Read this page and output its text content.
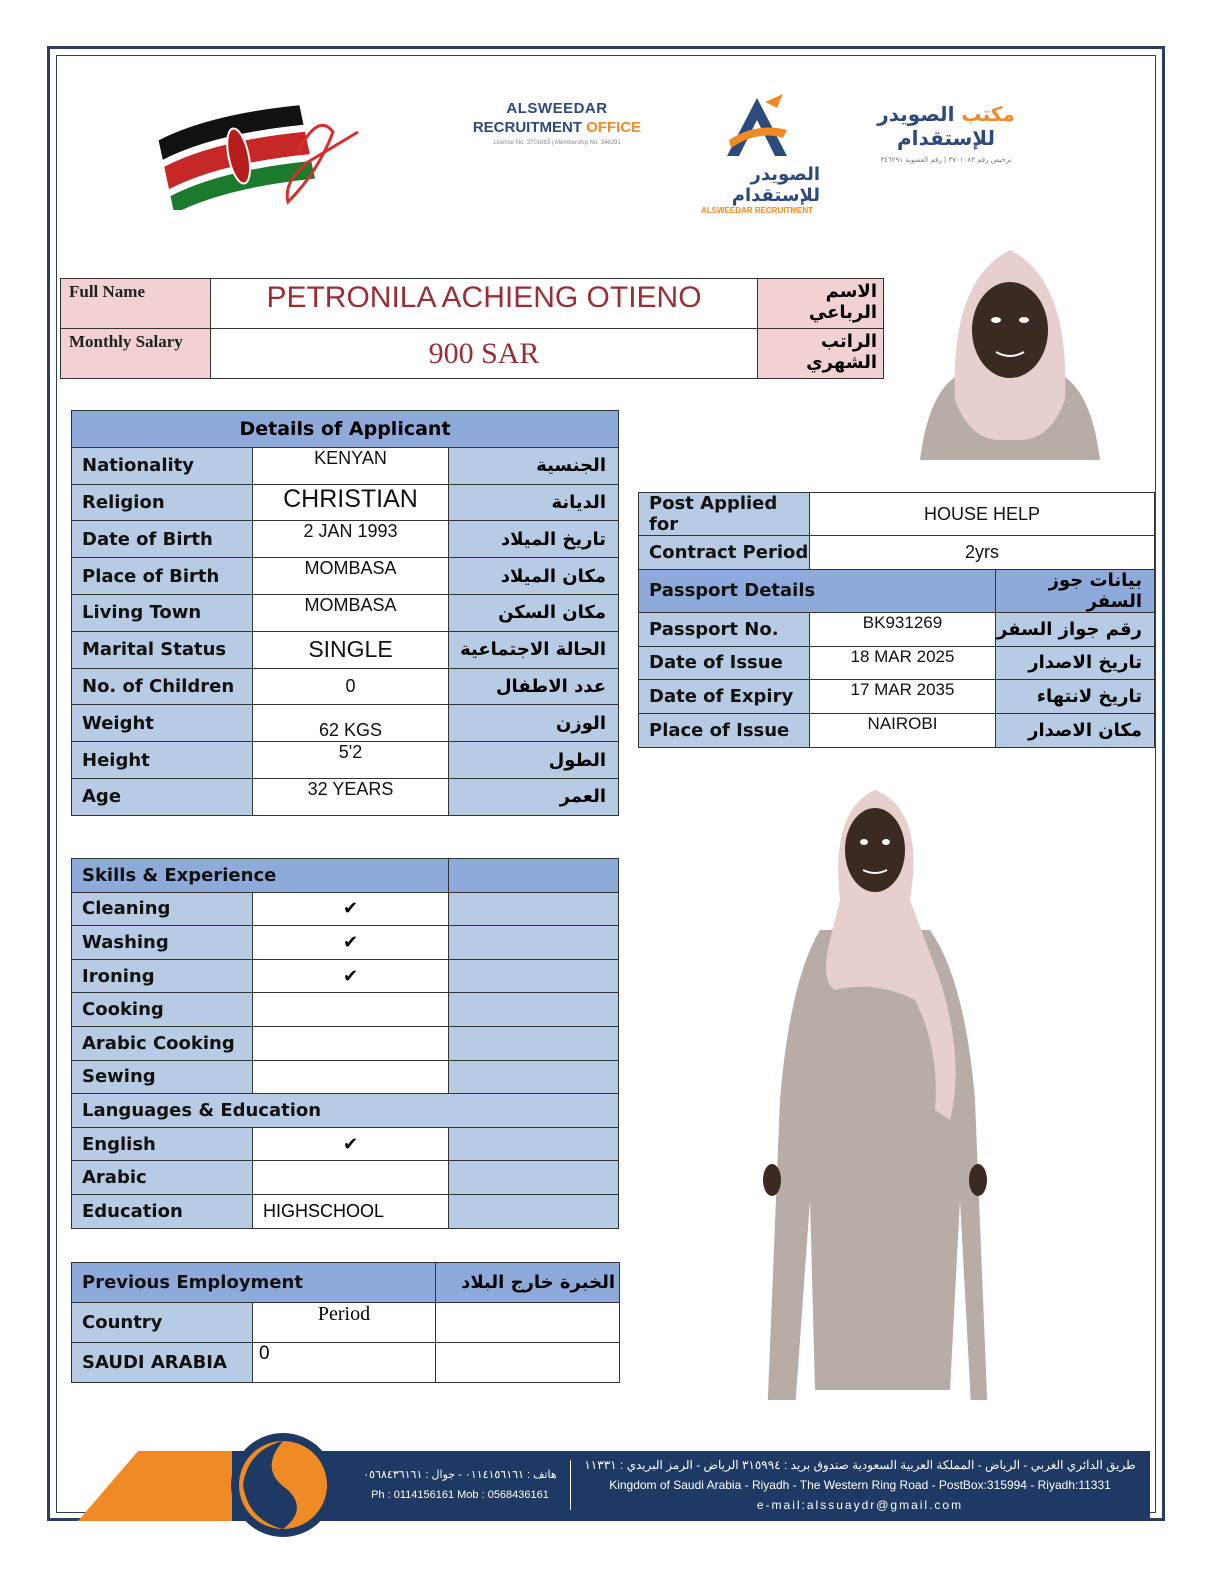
ALSWEEDAR
RECRUITMENT OFFICE
License No. 3701083 | Membership No. 346291
الصويدر للإستقدام
ALSWEEDAR RECRUITMENT
مكتب الصويدر للإستقدام
ترخيص رقم ٣٧٠١٠٨٣ | رقم العضوية ٣٤٦٢٩١
Full Name	PETRONILA ACHIENG OTIENO	الاسم الرباعي
Monthly Salary	900 SAR	الراتب الشهري
Details of Applicant		
Nationality	KENYAN	الجنسية
Religion	CHRISTIAN	الديانة
Date of Birth	2 JAN 1993	تاريخ الميلاد
Place of Birth	MOMBASA	مكان الميلاد
Living Town	MOMBASA	مكان السكن
Marital Status	SINGLE	الحالة الاجتماعية
No. of Children	0	عدد الاطفال
Weight	62 KGS	الوزن
Height	5'2	الطول
Age	32 YEARS	العمر
Post Applied for	HOUSE HELP	
Contract Period	2yrs	
Passport Details		بيانات جوز السفر
Passport No.	BK931269	رقم جواز السفر
Date of Issue	18 MAR 2025	تاريخ الاصدار
Date of Expiry	17 MAR 2035	تاريخ لانتهاء
Place of Issue	NAIROBI	مكان الاصدار
Skills & Experience		
Cleaning	✔	
Washing	✔	
Ironing	✔	
Cooking		
Arabic Cooking		
Sewing		
Languages & Education		
English	✔	
Arabic		
Education	HIGHSCHOOL	
Previous Employment		الخبرة خارج البلاد
Country	Period	
SAUDI ARABIA	0	
هاتف : ٠١١٤١٥٦١٦١ - جوال : ٠٥٦٨٤٣٦١٦١
Ph : 0114156161 Mob : 0568436161
طريق الدائري الغربي - الرياض - المملكة العربية السعودية صندوق بريد : ٣١٥٩٩٤ الرياض - الرمز البريدي : ١١٣٣١
Kingdom of Saudi Arabia - Riyadh - The Western Ring Road - PostBox:315994 - Riyadh:11331
e-mail:alssuaydr@gmail.com
